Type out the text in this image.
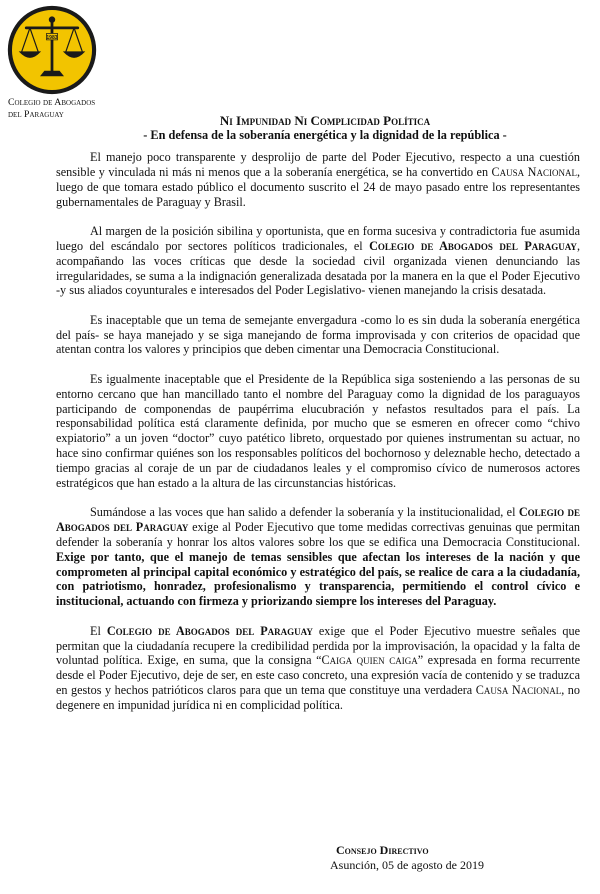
1983
Colegio de Abogados
del Paraguay	Ni Impunidad Ni Complicidad Política
- En defensa de la soberanía energética y la dignidad de la república -

El manejo poco transparente y desprolijo de parte del Poder Ejecutivo, respecto a una cuestión sensible y vinculada ni más ni menos que a la soberanía energética, se ha convertido en Causa Nacional, luego de que tomara estado público el documento suscrito el 24 de mayo pasado entre los representantes gubernamentales de Paraguay y Brasil.

Al margen de la posición sibilina y oportunista, que en forma sucesiva y contradictoria fue asumida luego del escándalo por sectores políticos tradicionales, el Colegio de Abogados del Paraguay, acompañando las voces críticas que desde la sociedad civil organizada vienen denunciando las irregularidades, se suma a la indignación generalizada desatada por la manera en la que el Poder Ejecutivo -y sus aliados coyunturales e interesados del Poder Legislativo- vienen manejando la crisis desatada.

Es inaceptable que un tema de semejante envergadura -como lo es sin duda la soberanía energética del país- se haya manejado y se siga manejando de forma improvisada y con criterios de opacidad que atentan contra los valores y principios que deben cimentar una Democracia Constitucional.

Es igualmente inaceptable que el Presidente de la República siga sosteniendo a las personas de su entorno cercano que han mancillado tanto el nombre del Paraguay como la dignidad de los paraguayos participando de componendas de paupérrima elucubración y nefastos resultados para el país. La responsabilidad política está claramente definida, por mucho que se esmeren en ofrecer como “chivo expiatorio” a un joven “doctor” cuyo patético libreto, orquestado por quienes instrumentan su actuar, no hace sino confirmar quiénes son los responsables políticos del bochornoso y deleznable hecho, detectado a tiempo gracias al coraje de un par de ciudadanos leales y el compromiso cívico de numerosos actores estratégicos que han estado a la altura de las circunstancias históricas.

Sumándose a las voces que han salido a defender la soberanía y la institucionalidad, el Colegio de Abogados del Paraguay exige al Poder Ejecutivo que tome medidas correctivas genuinas que permitan defender la soberanía y honrar los altos valores sobre los que se edifica una Democracia Constitucional. Exige por tanto, que el manejo de temas sensibles que afectan los intereses de la nación y que comprometen al principal capital económico y estratégico del país, se realice de cara a la ciudadanía, con patriotismo, honradez, profesionalismo y transparencia, permitiendo el control cívico e institucional, actuando con firmeza y priorizando siempre los intereses del Paraguay.

El Colegio de Abogados del Paraguay exige que el Poder Ejecutivo muestre señales que permitan que la ciudadanía recupere la credibilidad perdida por la improvisación, la opacidad y la falta de voluntad política. Exige, en suma, que la consigna “Caiga quien caiga” expresada en forma recurrente desde el Poder Ejecutivo, deje de ser, en este caso concreto, una expresión vacía de contenido y se traduzca en gestos y hechos patrióticos claros para que un tema que constituye una verdadera Causa Nacional, no degenere en impunidad jurídica ni en complicidad política.

Consejo Directivo
Asunción, 05 de agosto de 2019
